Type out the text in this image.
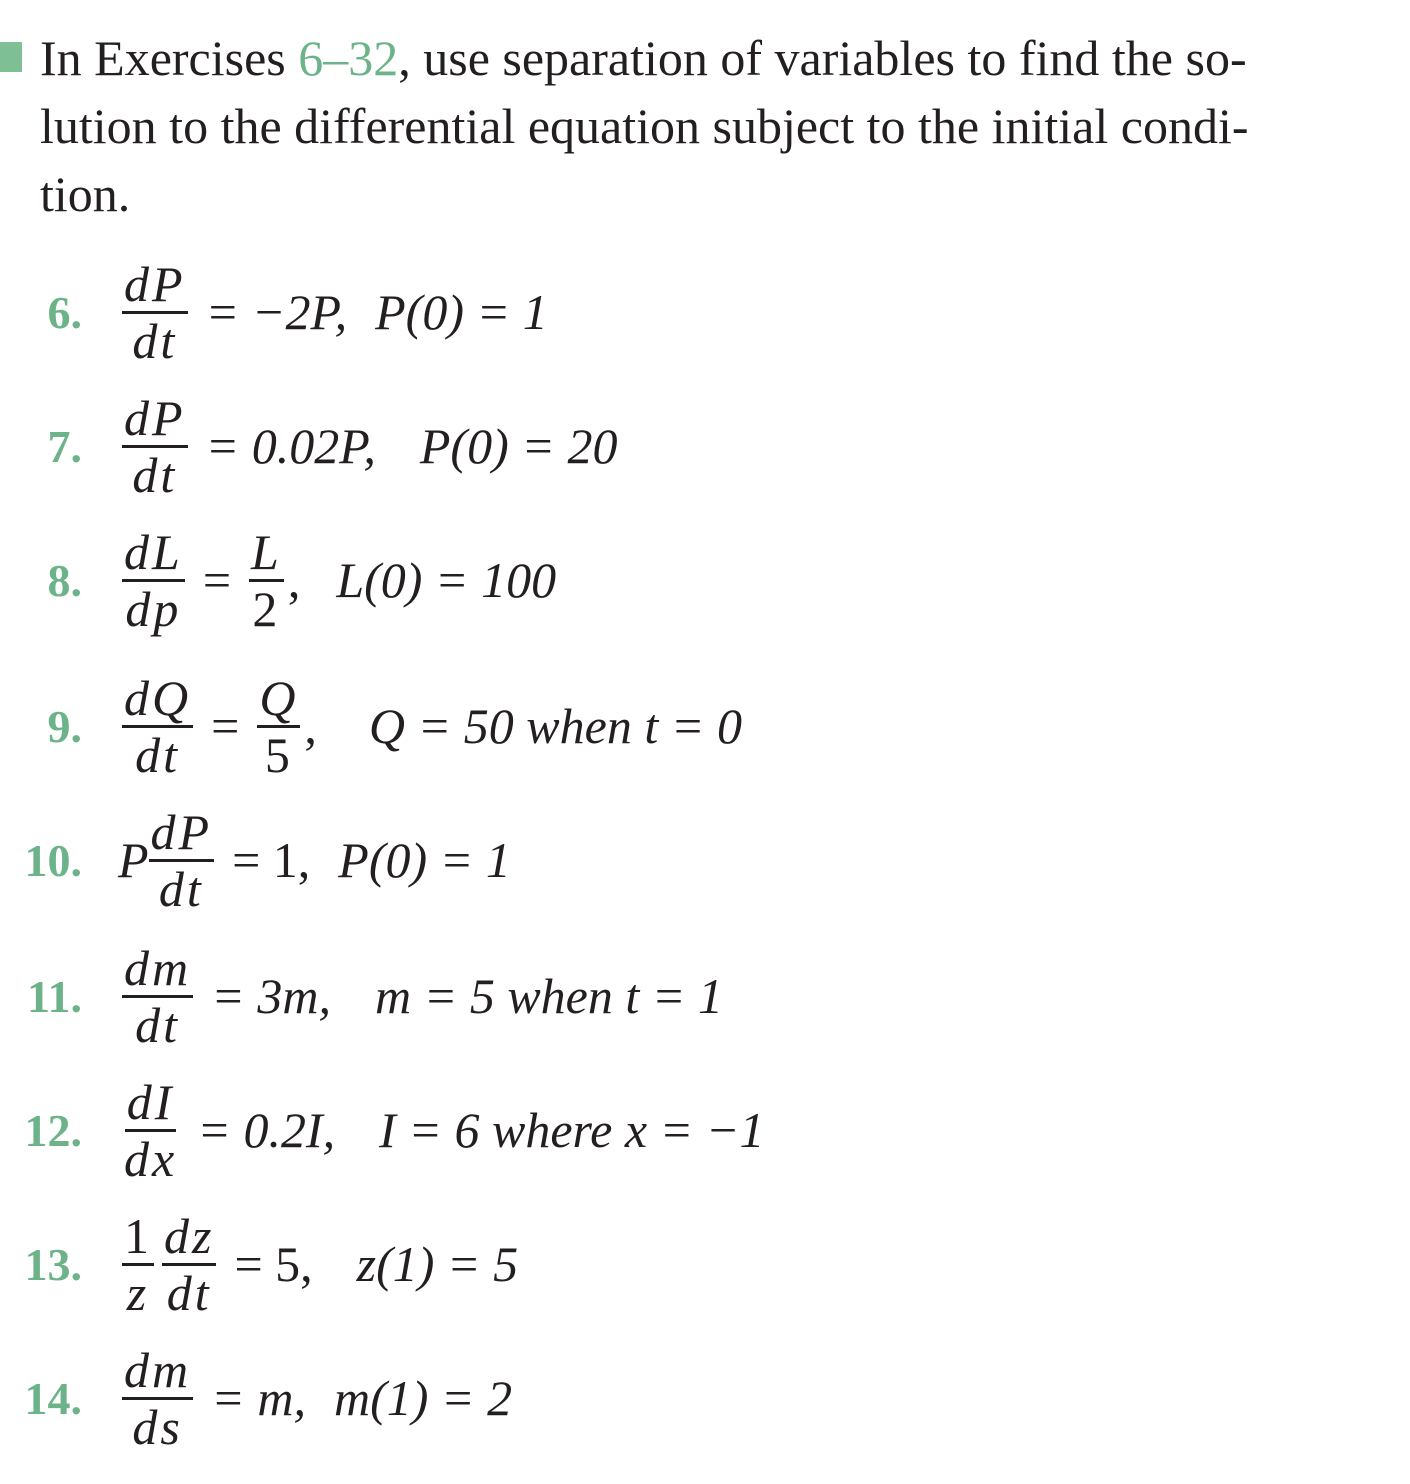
In Exercises 6–32, use separation of variables to find the so-
lution to the differential equation subject to the initial condi-
tion.

6. $\frac{dP}{dt} = -2P$, P(0) = 1
7. $\frac{dP}{dt} = 0.02P$, P(0) = 20
8. $\frac{dL}{dp} = \frac{L}{2}$ , L(0) = 100
9. $\frac{dQ}{dt} = \frac{Q}{5}$ , Q = 50 when t = 0
10. P $\frac{dP}{dt} = 1$, P(0) = 1
11. $\frac{dm}{dt} = 3m$, m = 5 when t = 1
12. $\frac{dI}{dx} = 0.2I$, I = 6 where x = −1
13. $\frac{1}{z} \frac{dz}{dt} = 5$, z(1) = 5
14. $\frac{dm}{ds} = m$, m(1) = 2
